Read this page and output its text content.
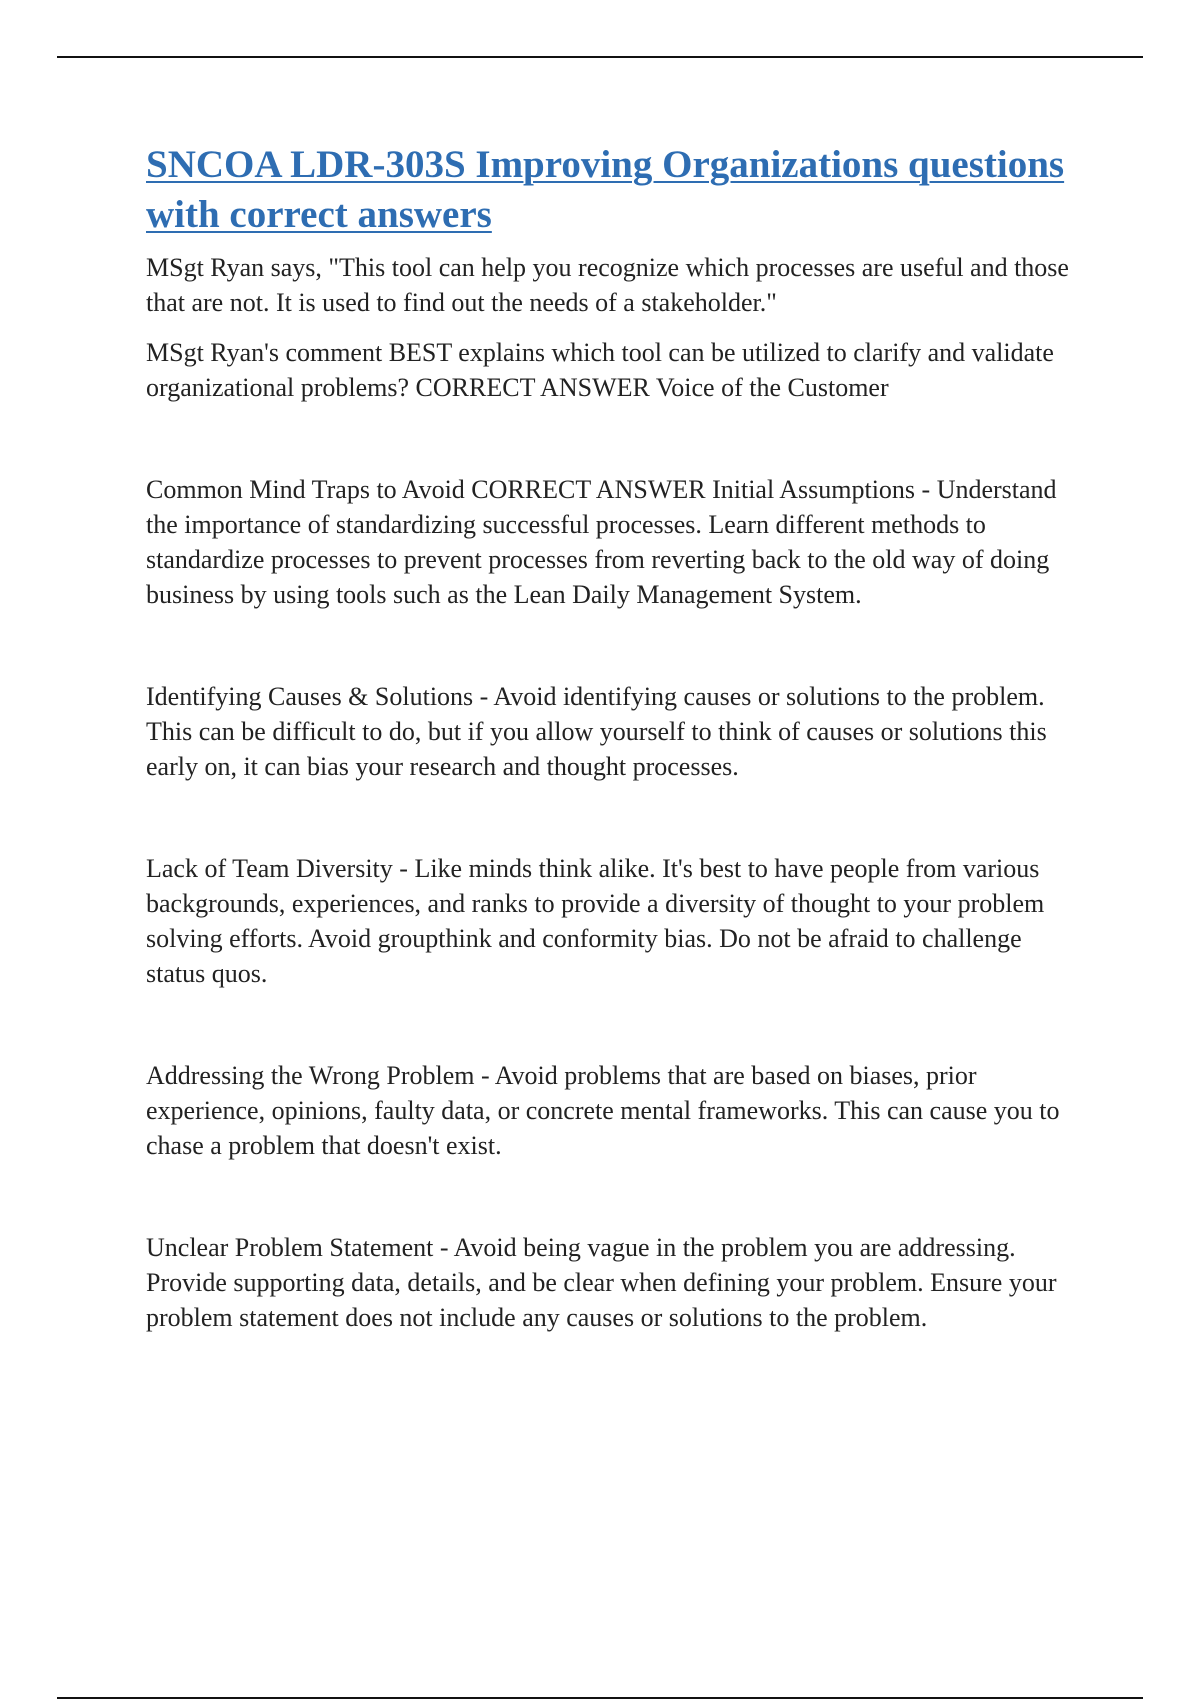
SNCOA LDR-303S Improving Organizations questions with correct answers

MSgt Ryan says, "This tool can help you recognize which processes are useful and those that are not. It is used to find out the needs of a stakeholder."

MSgt Ryan's comment BEST explains which tool can be utilized to clarify and validate organizational problems? CORRECT ANSWER Voice of the Customer

Common Mind Traps to Avoid CORRECT ANSWER Initial Assumptions - Understand the importance of standardizing successful processes. Learn different methods to standardize processes to prevent processes from reverting back to the old way of doing business by using tools such as the Lean Daily Management System.

Identifying Causes & Solutions - Avoid identifying causes or solutions to the problem. This can be difficult to do, but if you allow yourself to think of causes or solutions this early on, it can bias your research and thought processes.

Lack of Team Diversity - Like minds think alike. It's best to have people from various backgrounds, experiences, and ranks to provide a diversity of thought to your problem solving efforts. Avoid groupthink and conformity bias. Do not be afraid to challenge status quos.

Addressing the Wrong Problem - Avoid problems that are based on biases, prior experience, opinions, faulty data, or concrete mental frameworks. This can cause you to chase a problem that doesn't exist.

Unclear Problem Statement - Avoid being vague in the problem you are addressing. Provide supporting data, details, and be clear when defining your problem. Ensure your problem statement does not include any causes or solutions to the problem.
